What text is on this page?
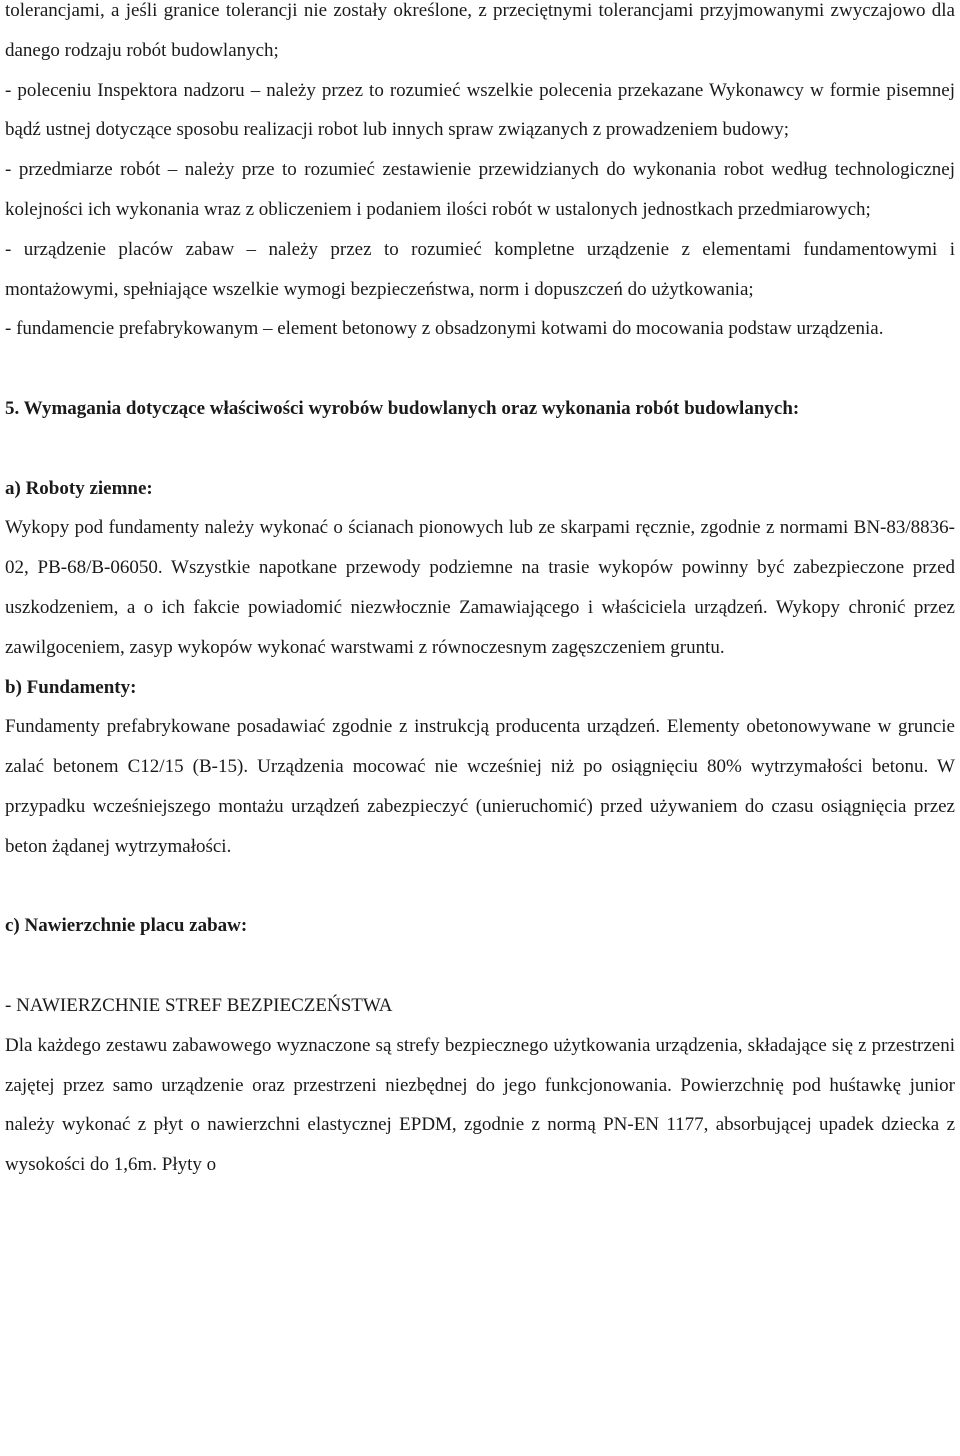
tolerancjami, a jeśli granice tolerancji nie zostały określone, z przeciętnymi tolerancjami przyjmowanymi zwyczajowo dla danego rodzaju robót budowlanych;

- poleceniu Inspektora nadzoru – należy przez to rozumieć wszelkie polecenia przekazane Wykonawcy w formie pisemnej bądź ustnej dotyczące sposobu realizacji robot lub innych spraw związanych z prowadzeniem budowy;

- przedmiarze robót – należy prze to rozumieć zestawienie przewidzianych do wykonania robot według technologicznej kolejności ich wykonania wraz z obliczeniem i podaniem ilości robót w ustalonych jednostkach przedmiarowych;

- urządzenie placów zabaw – należy przez to rozumieć kompletne urządzenie z elementami fundamentowymi i montażowymi, spełniające wszelkie wymogi bezpieczeństwa, norm i dopuszczeń do użytkowania;

- fundamencie prefabrykowanym – element betonowy z obsadzonymi kotwami do mocowania podstaw urządzenia.

5. Wymagania dotyczące właściwości wyrobów budowlanych oraz wykonania robót budowlanych:

a) Roboty ziemne:

Wykopy pod fundamenty należy wykonać o ścianach pionowych lub ze skarpami ręcznie, zgodnie z normami BN-83/8836-02, PB-68/B-06050. Wszystkie napotkane przewody podziemne na trasie wykopów powinny być zabezpieczone przed uszkodzeniem, a o ich fakcie powiadomić niezwłocznie Zamawiającego i właściciela urządzeń. Wykopy chronić przez zawilgoceniem, zasyp wykopów wykonać warstwami z równoczesnym zagęszczeniem gruntu.

b) Fundamenty:

Fundamenty prefabrykowane posadawiać zgodnie z instrukcją producenta urządzeń. Elementy obetonowywane w gruncie zalać betonem C12/15 (B-15). Urządzenia mocować nie wcześniej niż po osiągnięciu 80% wytrzymałości betonu. W przypadku wcześniejszego montażu urządzeń zabezpieczyć (unieruchomić) przed używaniem do czasu osiągnięcia przez beton żądanej wytrzymałości.

c) Nawierzchnie placu zabaw:

- NAWIERZCHNIE STREF BEZPIECZEŃSTWA

Dla każdego zestawu zabawowego wyznaczone są strefy bezpiecznego użytkowania urządzenia, składające się z przestrzeni zajętej przez samo urządzenie oraz przestrzeni niezbędnej do jego funkcjonowania. Powierzchnię pod huśtawkę junior należy wykonać z płyt o nawierzchni elastycznej EPDM, zgodnie z normą PN-EN 1177, absorbującej upadek dziecka z wysokości do 1,6m. Płyty o
